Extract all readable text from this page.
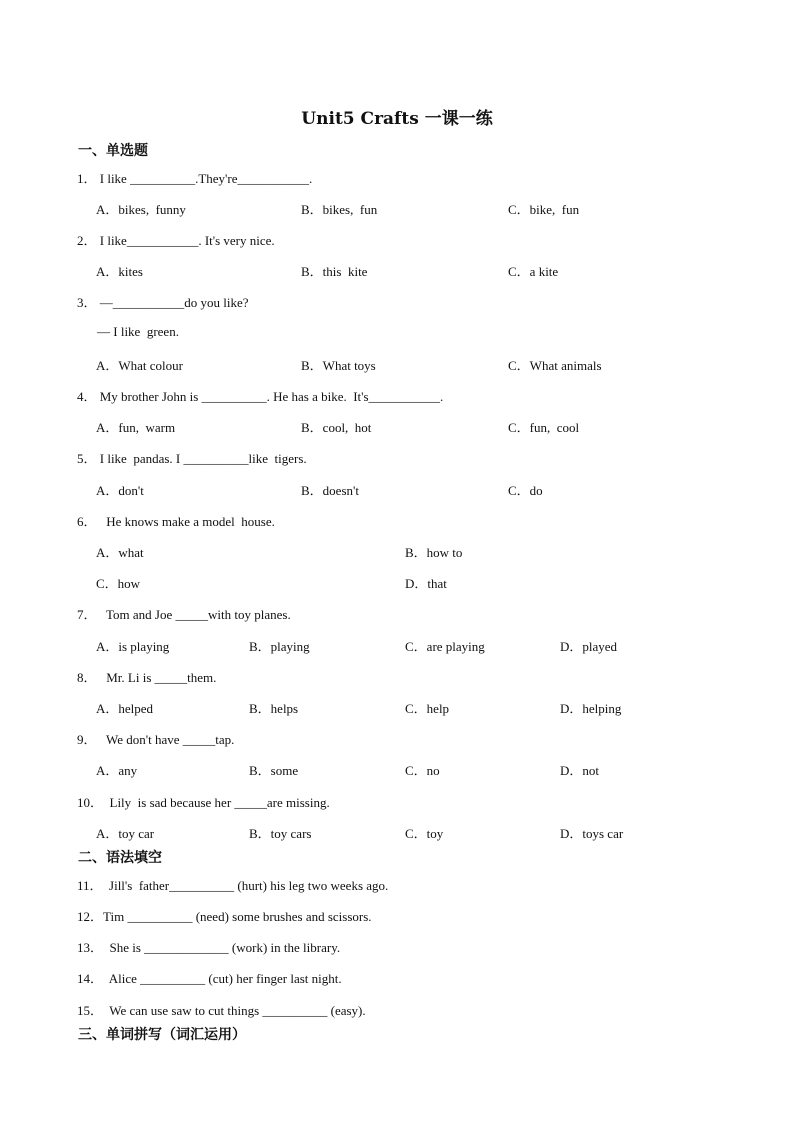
Unit5 Crafts 一课一练
一、单选题
1． I like __________.They're___________.
A．bikes,  funny	B．bikes,  fun	C．bike,  fun
2． I like___________. It's very nice.
A．kites	B．this  kite	C．a kite
3． —___________do you like?
— I like  green.
A．What colour	B．What toys	C．What animals
4． My brother John is __________. He has a bike.  It's___________.
A．fun,  warm	B．cool,  hot	C．fun,  cool
5． I like  pandas. I __________like  tigers.
A．don't	B．doesn't	C．do
6．   He knows make a model  house.
A．what	B．how to
C．how	D．that
7．   Tom and Joe _____with toy planes.
A．is playing	B．playing	C．are playing	D．played
8．   Mr. Li is _____them.
A．helped	B．helps	C．help	D．helping
9．   We don't have _____tap.
A．any	B．some	C．no	D．not
10．  Lily  is sad because her _____are missing.
A．toy car	B．toy cars	C．toy	D．toys car
二、语法填空
11．  Jill's  father__________ (hurt) his leg two weeks ago.
12．Tim __________ (need) some brushes and scissors.
13．  She is _____________ (work) in the library.
14．  Alice __________ (cut) her finger last night.
15．  We can use saw to cut things __________ (easy).
三、单词拼写（词汇运用）
